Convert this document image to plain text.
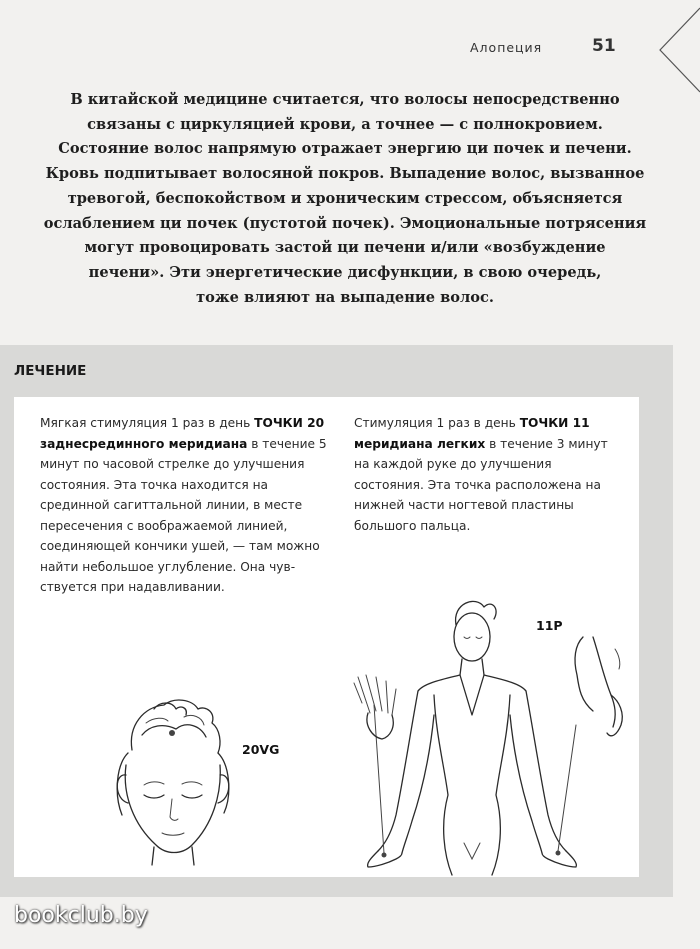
Алопеция	51

В китайской медицине считается, что волосы непосредственно

связаны с циркуляцией крови, а точнее — с полнокровием.

Состояние волос напрямую отражает энергию ци почек и печени.

Кровь подпитывает волосяной покров. Выпадение волос, вызванное

тревогой, беспокойством и хроническим стрессом, объясняется

ослаблением ци почек (пустотой почек). Эмоциональные потрясения

могут провоцировать застой ци печени и/или «возбуждение

печени». Эти энергетические дисфункции, в свою очередь,

тоже влияют на выпадение волос.

ЛЕЧЕНИЕ
Мягкая стимуляция 1 раз в день ТОЧКИ 20 заднесрединного меридиана в течение 5 минут по часовой стрелке до улучшения состояния. Эта точка находится на срединной сагиттальной линии, в месте пересечения с воображаемой линией, соединяющей кончики ушей, — там можно найти небольшое углубление. Она чувствуется при надавливании.
Стимуляция 1 раз в день ТОЧКИ 11 меридиана легких в течение 3 минут на каждой руке до улучшения состояния. Эта точка расположена на нижней части ногтевой пластины большого пальца.
20VG
11P
bookclub.by
